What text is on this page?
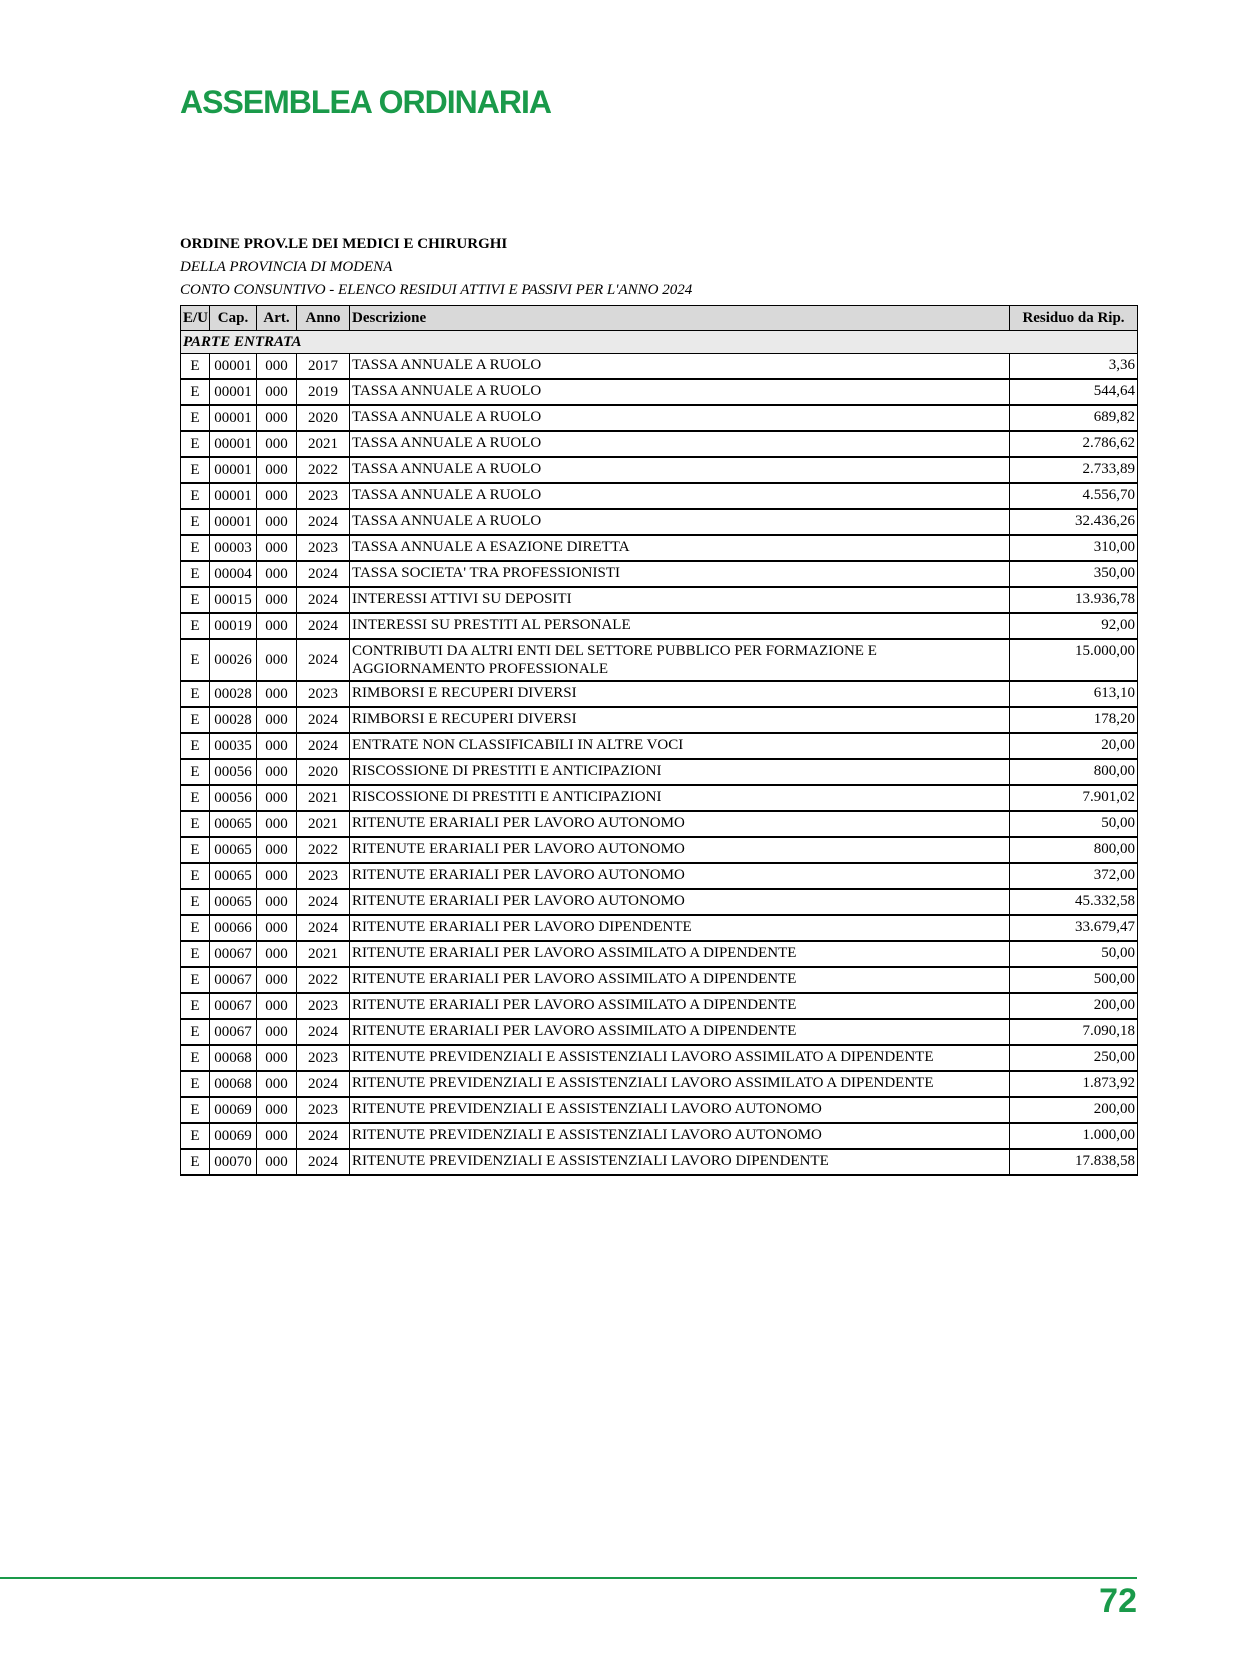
ASSEMBLEA ORDINARIA
ORDINE PROV.LE DEI MEDICI E CHIRURGHI
DELLA PROVINCIA DI MODENA
CONTO CONSUNTIVO - ELENCO RESIDUI ATTIVI E PASSIVI PER L'ANNO 2024
E/U	Cap.	Art.	Anno	Descrizione	Residuo da Rip.
PARTE ENTRATA					
E	00001	000	2017	TASSA ANNUALE A RUOLO	3,36
E	00001	000	2019	TASSA ANNUALE A RUOLO	544,64
E	00001	000	2020	TASSA ANNUALE A RUOLO	689,82
E	00001	000	2021	TASSA ANNUALE A RUOLO	2.786,62
E	00001	000	2022	TASSA ANNUALE A RUOLO	2.733,89
E	00001	000	2023	TASSA ANNUALE A RUOLO	4.556,70
E	00001	000	2024	TASSA ANNUALE A RUOLO	32.436,26
E	00003	000	2023	TASSA ANNUALE A ESAZIONE DIRETTA	310,00
E	00004	000	2024	TASSA SOCIETA' TRA PROFESSIONISTI	350,00
E	00015	000	2024	INTERESSI ATTIVI SU DEPOSITI	13.936,78
E	00019	000	2024	INTERESSI SU PRESTITI AL PERSONALE	92,00
E	00026	000	2024	CONTRIBUTI DA ALTRI ENTI DEL SETTORE PUBBLICO PER FORMAZIONE E AGGIORNAMENTO PROFESSIONALE	15.000,00
E	00028	000	2023	RIMBORSI E RECUPERI DIVERSI	613,10
E	00028	000	2024	RIMBORSI E RECUPERI DIVERSI	178,20
E	00035	000	2024	ENTRATE NON CLASSIFICABILI IN ALTRE VOCI	20,00
E	00056	000	2020	RISCOSSIONE DI PRESTITI E ANTICIPAZIONI	800,00
E	00056	000	2021	RISCOSSIONE DI PRESTITI E ANTICIPAZIONI	7.901,02
E	00065	000	2021	RITENUTE ERARIALI PER LAVORO AUTONOMO	50,00
E	00065	000	2022	RITENUTE ERARIALI PER LAVORO AUTONOMO	800,00
E	00065	000	2023	RITENUTE ERARIALI PER LAVORO AUTONOMO	372,00
E	00065	000	2024	RITENUTE ERARIALI PER LAVORO AUTONOMO	45.332,58
E	00066	000	2024	RITENUTE ERARIALI PER LAVORO DIPENDENTE	33.679,47
E	00067	000	2021	RITENUTE ERARIALI PER LAVORO ASSIMILATO A DIPENDENTE	50,00
E	00067	000	2022	RITENUTE ERARIALI PER LAVORO ASSIMILATO A DIPENDENTE	500,00
E	00067	000	2023	RITENUTE ERARIALI PER LAVORO ASSIMILATO A DIPENDENTE	200,00
E	00067	000	2024	RITENUTE ERARIALI PER LAVORO ASSIMILATO A DIPENDENTE	7.090,18
E	00068	000	2023	RITENUTE PREVIDENZIALI E ASSISTENZIALI LAVORO ASSIMILATO A DIPENDENTE	250,00
E	00068	000	2024	RITENUTE PREVIDENZIALI E ASSISTENZIALI LAVORO ASSIMILATO A DIPENDENTE	1.873,92
E	00069	000	2023	RITENUTE PREVIDENZIALI E ASSISTENZIALI LAVORO AUTONOMO	200,00
E	00069	000	2024	RITENUTE PREVIDENZIALI E ASSISTENZIALI LAVORO AUTONOMO	1.000,00
E	00070	000	2024	RITENUTE PREVIDENZIALI E ASSISTENZIALI LAVORO DIPENDENTE	17.838,58
72
